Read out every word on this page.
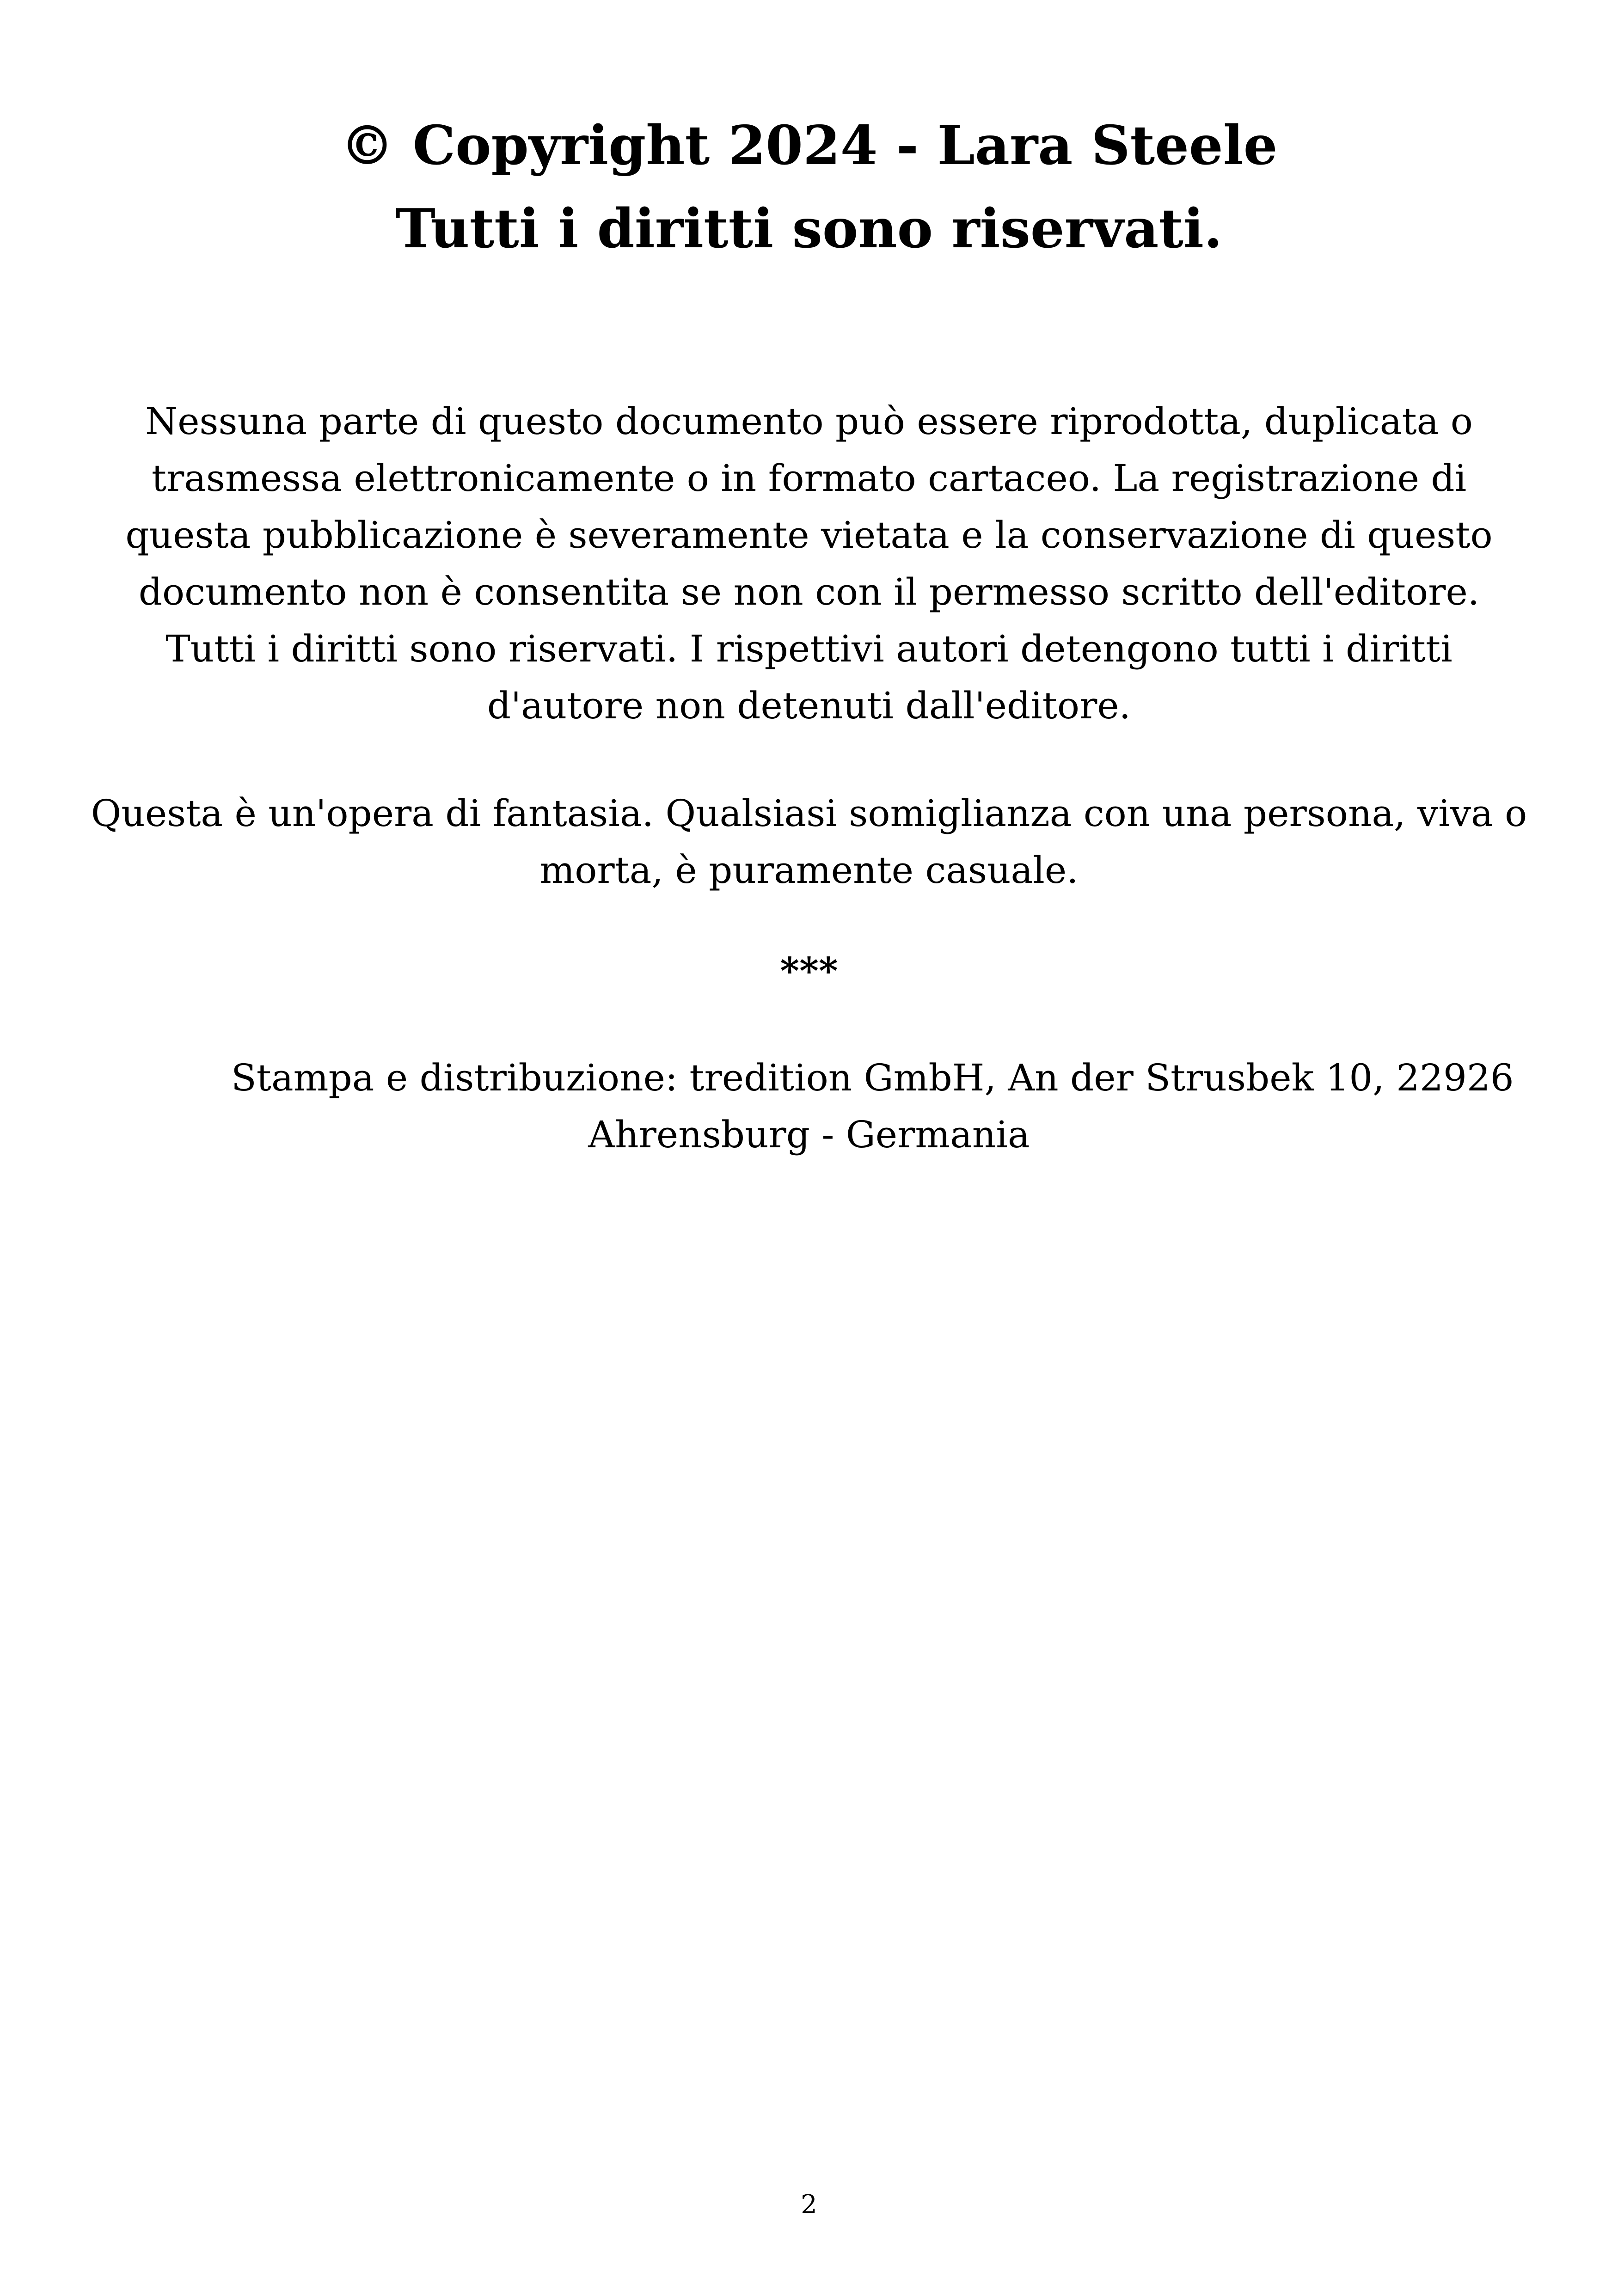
© Copyright 2024 - Lara Steele
Tutti i diritti sono riservati.

Nessuna parte di questo documento può essere riprodotta, duplicata o
trasmessa elettronicamente o in formato cartaceo. La registrazione di
questa pubblicazione è severamente vietata e la conservazione di questo
documento non è consentita se non con il permesso scritto dell'editore.
Tutti i diritti sono riservati. I rispettivi autori detengono tutti i diritti
d'autore non detenuti dall'editore.

Questa è un'opera di fantasia. Qualsiasi somiglianza con una persona, viva o
morta, è puramente casuale.

***

Stampa e distribuzione: tredition GmbH, An der Strusbek 10, 22926
Ahrensburg - Germania

2
